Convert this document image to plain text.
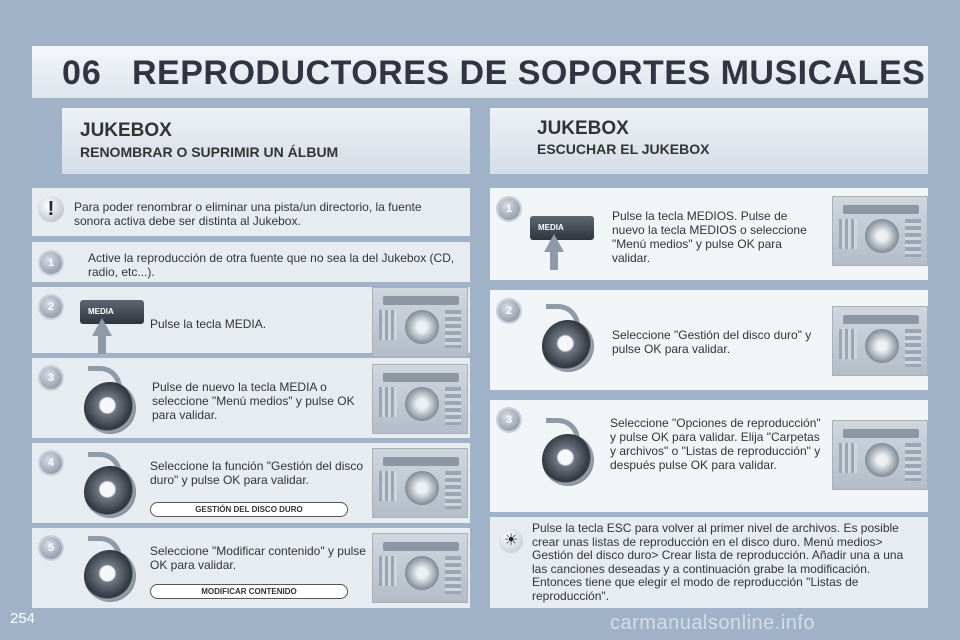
06 REPRODUCTORES DE SOPORTES MUSICALES
JUKEBOX
RENOMBRAR O SUPRIMIR UN ÁLBUM
JUKEBOX
ESCUCHAR EL JUKEBOX
!	Para poder renombrar o eliminar una pista/un directorio, la fuente sonora activa debe ser distinta al Jukebox.
1	Active la reproducción de otra fuente que no sea la del Jukebox (CD, radio, etc...).
2	MEDIA
Pulse la tecla MEDIA.
3
Pulse de nuevo la tecla MEDIA o seleccione "Menú medios" y pulse OK para validar.
4	Seleccione la función "Gestión del disco duro" y pulse OK para validar.
GESTIÓN DEL DISCO DURO
5	Seleccione "Modificar contenido" y pulse OK para validar.
MODIFICAR CONTENIDO
1
MEDIA
Pulse la tecla MEDIOS. Pulse de nuevo la tecla MEDIOS o seleccione "Menú medios" y pulse OK para validar.
2
Seleccione "Gestión del disco duro" y pulse OK para validar.
3	Seleccione "Opciones de reproducción" y pulse OK para validar. Elija "Carpetas y archivos" o "Listas de reproducción" y después pulse OK para validar.
☀
Pulse la tecla ESC para volver al primer nivel de archivos. Es posible crear unas listas de reproducción en el disco duro. Menú medios> Gestión del disco duro> Crear lista de reproducción. Añadir una a una las canciones deseadas y a continuación grabe la modificación. Entonces tiene que elegir el modo de reproducción "Listas de reproducción".
254	carmanualsonline.info
